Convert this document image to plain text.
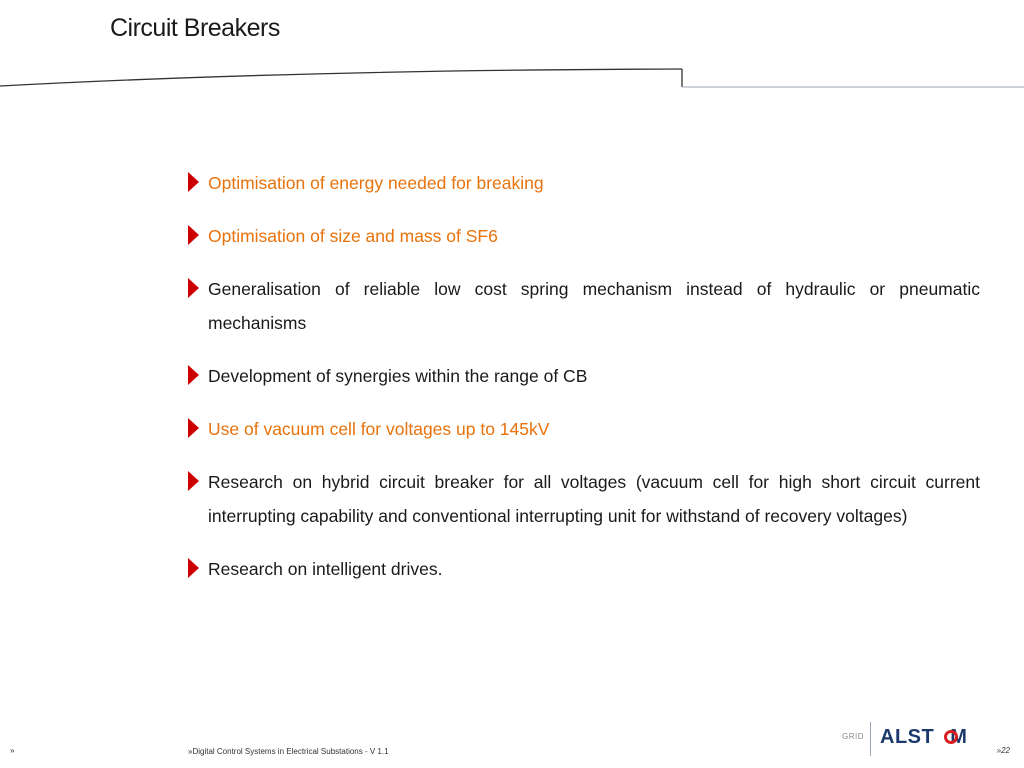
Circuit Breakers
Optimisation of energy needed for breaking
Optimisation of size and mass of SF6
Generalisation of reliable low cost spring mechanism instead of hydraulic or pneumatic mechanisms
Development of synergies within the range of CB
Use of vacuum cell for voltages up to 145kV
Research on hybrid circuit breaker for all voltages (vacuum cell for high short circuit current interrupting capability and conventional interrupting unit for withstand of recovery voltages)
Research on intelligent drives.
GRID ALST M
»	»Digital Control Systems in Electrical Substations - V 1.1	»22
